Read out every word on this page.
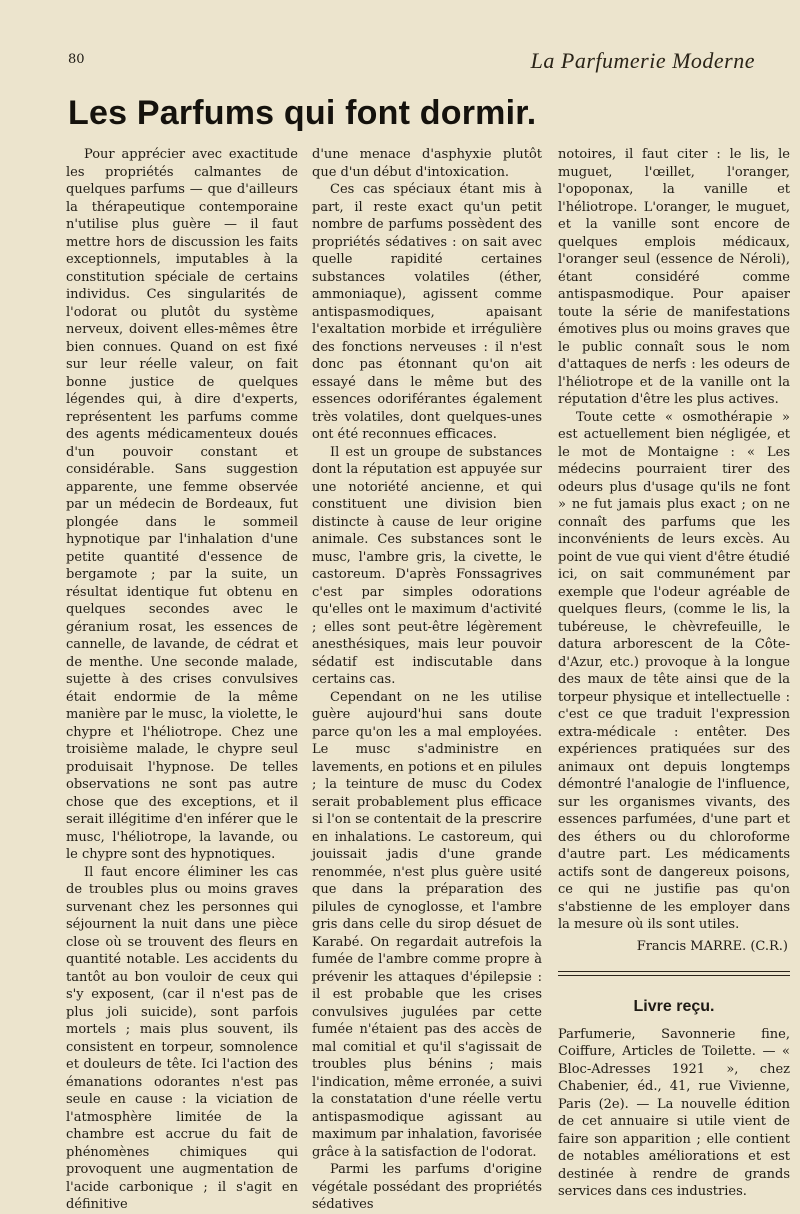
80	La Parfumerie Moderne
Les Parfums qui font dormir.

Pour apprécier avec exactitude les propriétés calmantes de quelques parfums — que d'ailleurs la thérapeutique contemporaine n'utilise plus guère — il faut mettre hors de discussion les faits exceptionnels, imputables à la constitution spéciale de certains individus. Ces singularités de l'odorat ou plutôt du système nerveux, doivent elles-mêmes être bien connues. Quand on est fixé sur leur réelle valeur, on fait bonne justice de quelques légendes qui, à dire d'experts, représentent les parfums comme des agents médicamenteux doués d'un pouvoir constant et considérable. Sans suggestion apparente, une femme observée par un médecin de Bordeaux, fut plongée dans le sommeil hypnotique par l'inhalation d'une petite quantité d'essence de bergamote ; par la suite, un résultat identique fut obtenu en quelques secondes avec le géranium rosat, les essences de cannelle, de lavande, de cédrat et de menthe. Une seconde malade, sujette à des crises convulsives était endormie de la même manière par le musc, la violette, le chypre et l'héliotrope. Chez une troisième malade, le chypre seul produisait l'hypnose. De telles observations ne sont pas autre chose que des exceptions, et il serait illégitime d'en inférer que le musc, l'héliotrope, la lavande, ou le chypre sont des hypnotiques.

Il faut encore éliminer les cas de troubles plus ou moins graves survenant chez les personnes qui séjournent la nuit dans une pièce close où se trouvent des fleurs en quantité notable. Les accidents du tantôt au bon vouloir de ceux qui s'y exposent, (car il n'est pas de plus joli suicide), sont parfois mortels ; mais plus souvent, ils consistent en torpeur, somnolence et douleurs de tête. Ici l'action des émanations odorantes n'est pas seule en cause : la viciation de l'atmosphère limitée de la chambre est accrue du fait de phénomènes chimiques qui provoquent une augmentation de l'acide carbonique ; il s'agit en définitive

d'une menace d'asphyxie plutôt que d'un début d'intoxication.

Ces cas spéciaux étant mis à part, il reste exact qu'un petit nombre de parfums possèdent des propriétés sédatives : on sait avec quelle rapidité certaines substances volatiles (éther, ammoniaque), agissent comme antispasmodiques, apaisant l'exaltation morbide et irrégulière des fonctions nerveuses : il n'est donc pas étonnant qu'on ait essayé dans le même but des essences odoriférantes également très volatiles, dont quelques-unes ont été reconnues efficaces.

Il est un groupe de substances dont la réputation est appuyée sur une notoriété ancienne, et qui constituent une division bien distincte à cause de leur origine animale. Ces substances sont le musc, l'ambre gris, la civette, le castoreum. D'après Fonssagrives c'est par simples odorations qu'elles ont le maximum d'activité ; elles sont peut-être légèrement anesthésiques, mais leur pouvoir sédatif est indiscutable dans certains cas.

Cependant on ne les utilise guère aujourd'hui sans doute parce qu'on les a mal employées. Le musc s'administre en lavements, en potions et en pilules ; la teinture de musc du Codex serait probablement plus efficace si l'on se contentait de la prescrire en inhalations. Le castoreum, qui jouissait jadis d'une grande renommée, n'est plus guère usité que dans la préparation des pilules de cynoglosse, et l'ambre gris dans celle du sirop désuet de Karabé. On regardait autrefois la fumée de l'ambre comme propre à prévenir les attaques d'épilepsie : il est probable que les crises convulsives jugulées par cette fumée n'étaient pas des accès de mal comitial et qu'il s'agissait de troubles plus bénins ; mais l'indication, même erronée, a suivi la constatation d'une réelle vertu antispasmodique agissant au maximum par inhalation, favorisée grâce à la satisfaction de l'odorat.

Parmi les parfums d'origine végétale possédant des propriétés sédatives

notoires, il faut citer : le lis, le muguet, l'œillet, l'oranger, l'opoponax, la vanille et l'héliotrope. L'oranger, le muguet, et la vanille sont encore de quelques emplois médicaux, l'oranger seul (essence de Néroli), étant considéré comme antispasmodique. Pour apaiser toute la série de manifestations émotives plus ou moins graves que le public connaît sous le nom d'attaques de nerfs : les odeurs de l'héliotrope et de la vanille ont la réputation d'être les plus actives.

Toute cette « osmothérapie » est actuellement bien négligée, et le mot de Montaigne : « Les médecins pourraient tirer des odeurs plus d'usage qu'ils ne font » ne fut jamais plus exact ; on ne connaît des parfums que les inconvénients de leurs excès. Au point de vue qui vient d'être étudié ici, on sait communément par exemple que l'odeur agréable de quelques fleurs, (comme le lis, la tubéreuse, le chèvrefeuille, le datura arborescent de la Côte-d'Azur, etc.) provoque à la longue des maux de tête ainsi que de la torpeur physique et intellectuelle : c'est ce que traduit l'expression extra-médicale : entêter. Des expériences pratiquées sur des animaux ont depuis longtemps démontré l'analogie de l'influence, sur les organismes vivants, des essences parfumées, d'une part et des éthers ou du chloroforme d'autre part. Les médicaments actifs sont de dangereux poisons, ce qui ne justifie pas qu'on s'abstienne de les employer dans la mesure où ils sont utiles.

Francis MARRE. (C.R.)
Livre reçu.

Parfumerie, Savonnerie fine, Coiffure, Articles de Toilette. — « Bloc-Adresses 1921 », chez Chabenier, éd., 41, rue Vivienne, Paris (2e). — La nouvelle édition de cet annuaire si utile vient de faire son apparition ; elle contient de notables améliorations et est destinée à rendre de grands services dans ces industries.
